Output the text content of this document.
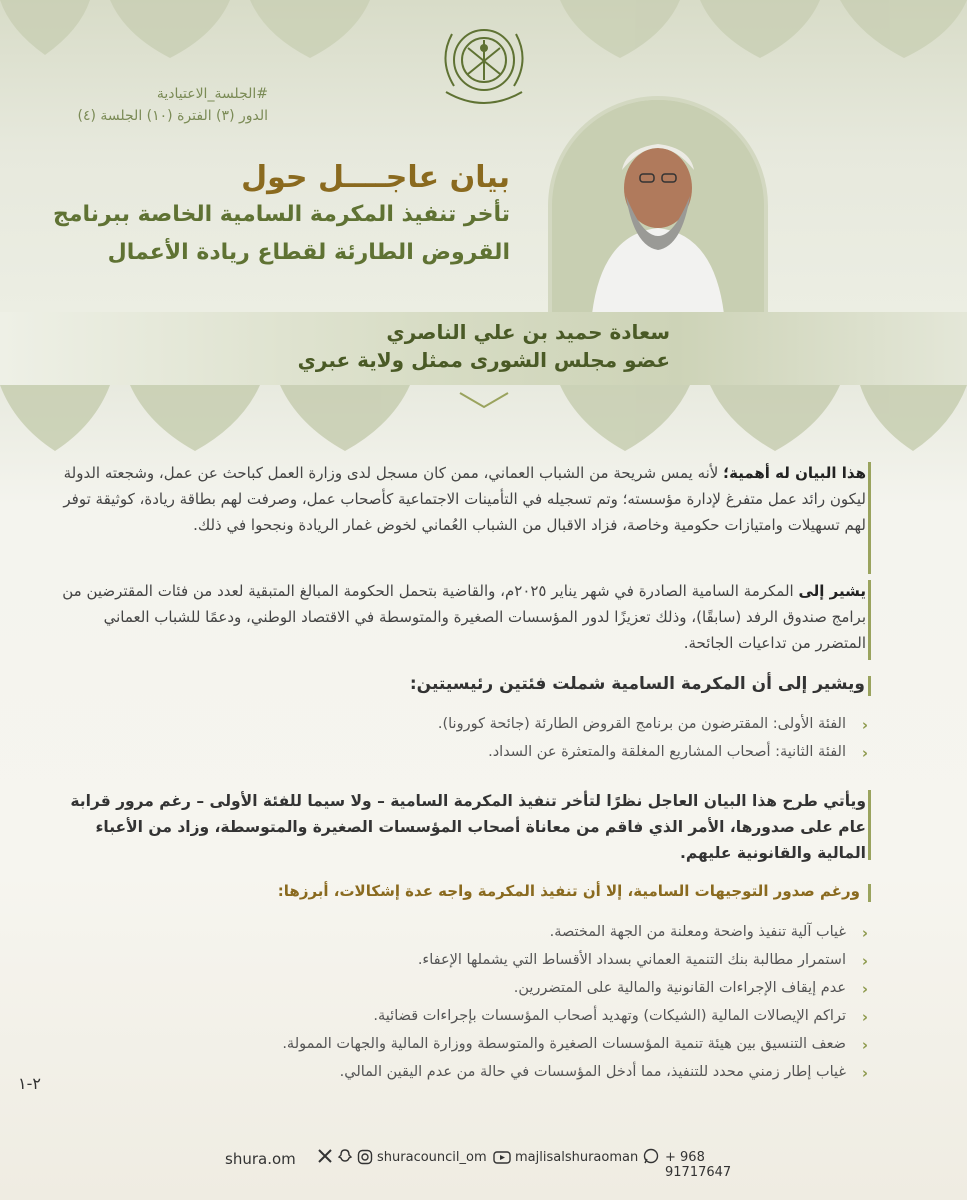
#الجلسة_الاعتيادية
الدور (٣) الفترة (١٠) الجلسة (٤)
بيان عاجــــل حول
تأخر تنفيذ المكرمة السامية الخاصة ببرنامج
القروض الطارئة لقطاع ريادة الأعمال
سعادة حميد بن علي الناصري
عضو مجلس الشورى ممثل ولاية عبري
هذا البيان له أهمية؛ لأنه يمس شريحة من الشباب العماني، ممن كان مسجل لدى وزارة العمل كباحث عن عمل، وشجعته الدولة ليكون رائد عمل متفرغ لإدارة مؤسسته؛ وتم تسجيله في التأمينات الاجتماعية كأصحاب عمل، وصرفت لهم بطاقة ريادة، كوثيقة توفر لهم تسهيلات وامتيازات حكومية وخاصة، فزاد الاقبال من الشباب العُماني لخوض غمار الريادة ونجحوا في ذلك.
يشير إلى المكرمة السامية الصادرة في شهر يناير ٢٠٢٥م، والقاضية بتحمل الحكومة المبالغ المتبقية لعدد من فئات المقترضين من برامج صندوق الرفد (سابقًا)، وذلك تعزيزًا لدور المؤسسات الصغيرة والمتوسطة في الاقتصاد الوطني، ودعمًا للشباب العماني المتضرر من تداعيات الجائحة.
ويشير إلى أن المكرمة السامية شملت فئتين رئيسيتين:
‹
الفئة الأولى: المقترضون من برنامج القروض الطارئة (جائحة كورونا).
‹
الفئة الثانية: أصحاب المشاريع المغلقة والمتعثرة عن السداد.
ويأتي طرح هذا البيان العاجل نظرًا لتأخر تنفيذ المكرمة السامية – ولا سيما للفئة الأولى – رغم مرور قرابة عام على صدورها، الأمر الذي فاقم من معاناة أصحاب المؤسسات الصغيرة والمتوسطة، وزاد من الأعباء المالية والقانونية عليهم.
ورغم صدور التوجيهات السامية، إلا أن تنفيذ المكرمة واجه عدة إشكالات، أبرزها:
‹
غياب آلية تنفيذ واضحة ومعلنة من الجهة المختصة.
‹
استمرار مطالبة بنك التنمية العماني بسداد الأقساط التي يشملها الإعفاء.
‹
عدم إيقاف الإجراءات القانونية والمالية على المتضررين.
‹
تراكم الإيصالات المالية (الشيكات) وتهديد أصحاب المؤسسات بإجراءات قضائية.
‹
ضعف التنسيق بين هيئة تنمية المؤسسات الصغيرة والمتوسطة ووزارة المالية والجهات الممولة.
‹
غياب إطار زمني محدد للتنفيذ، مما أدخل المؤسسات في حالة من عدم اليقين المالي.
٢-١
shura.om	shuracouncil_om majlisalshuraoman + 968 91717647
